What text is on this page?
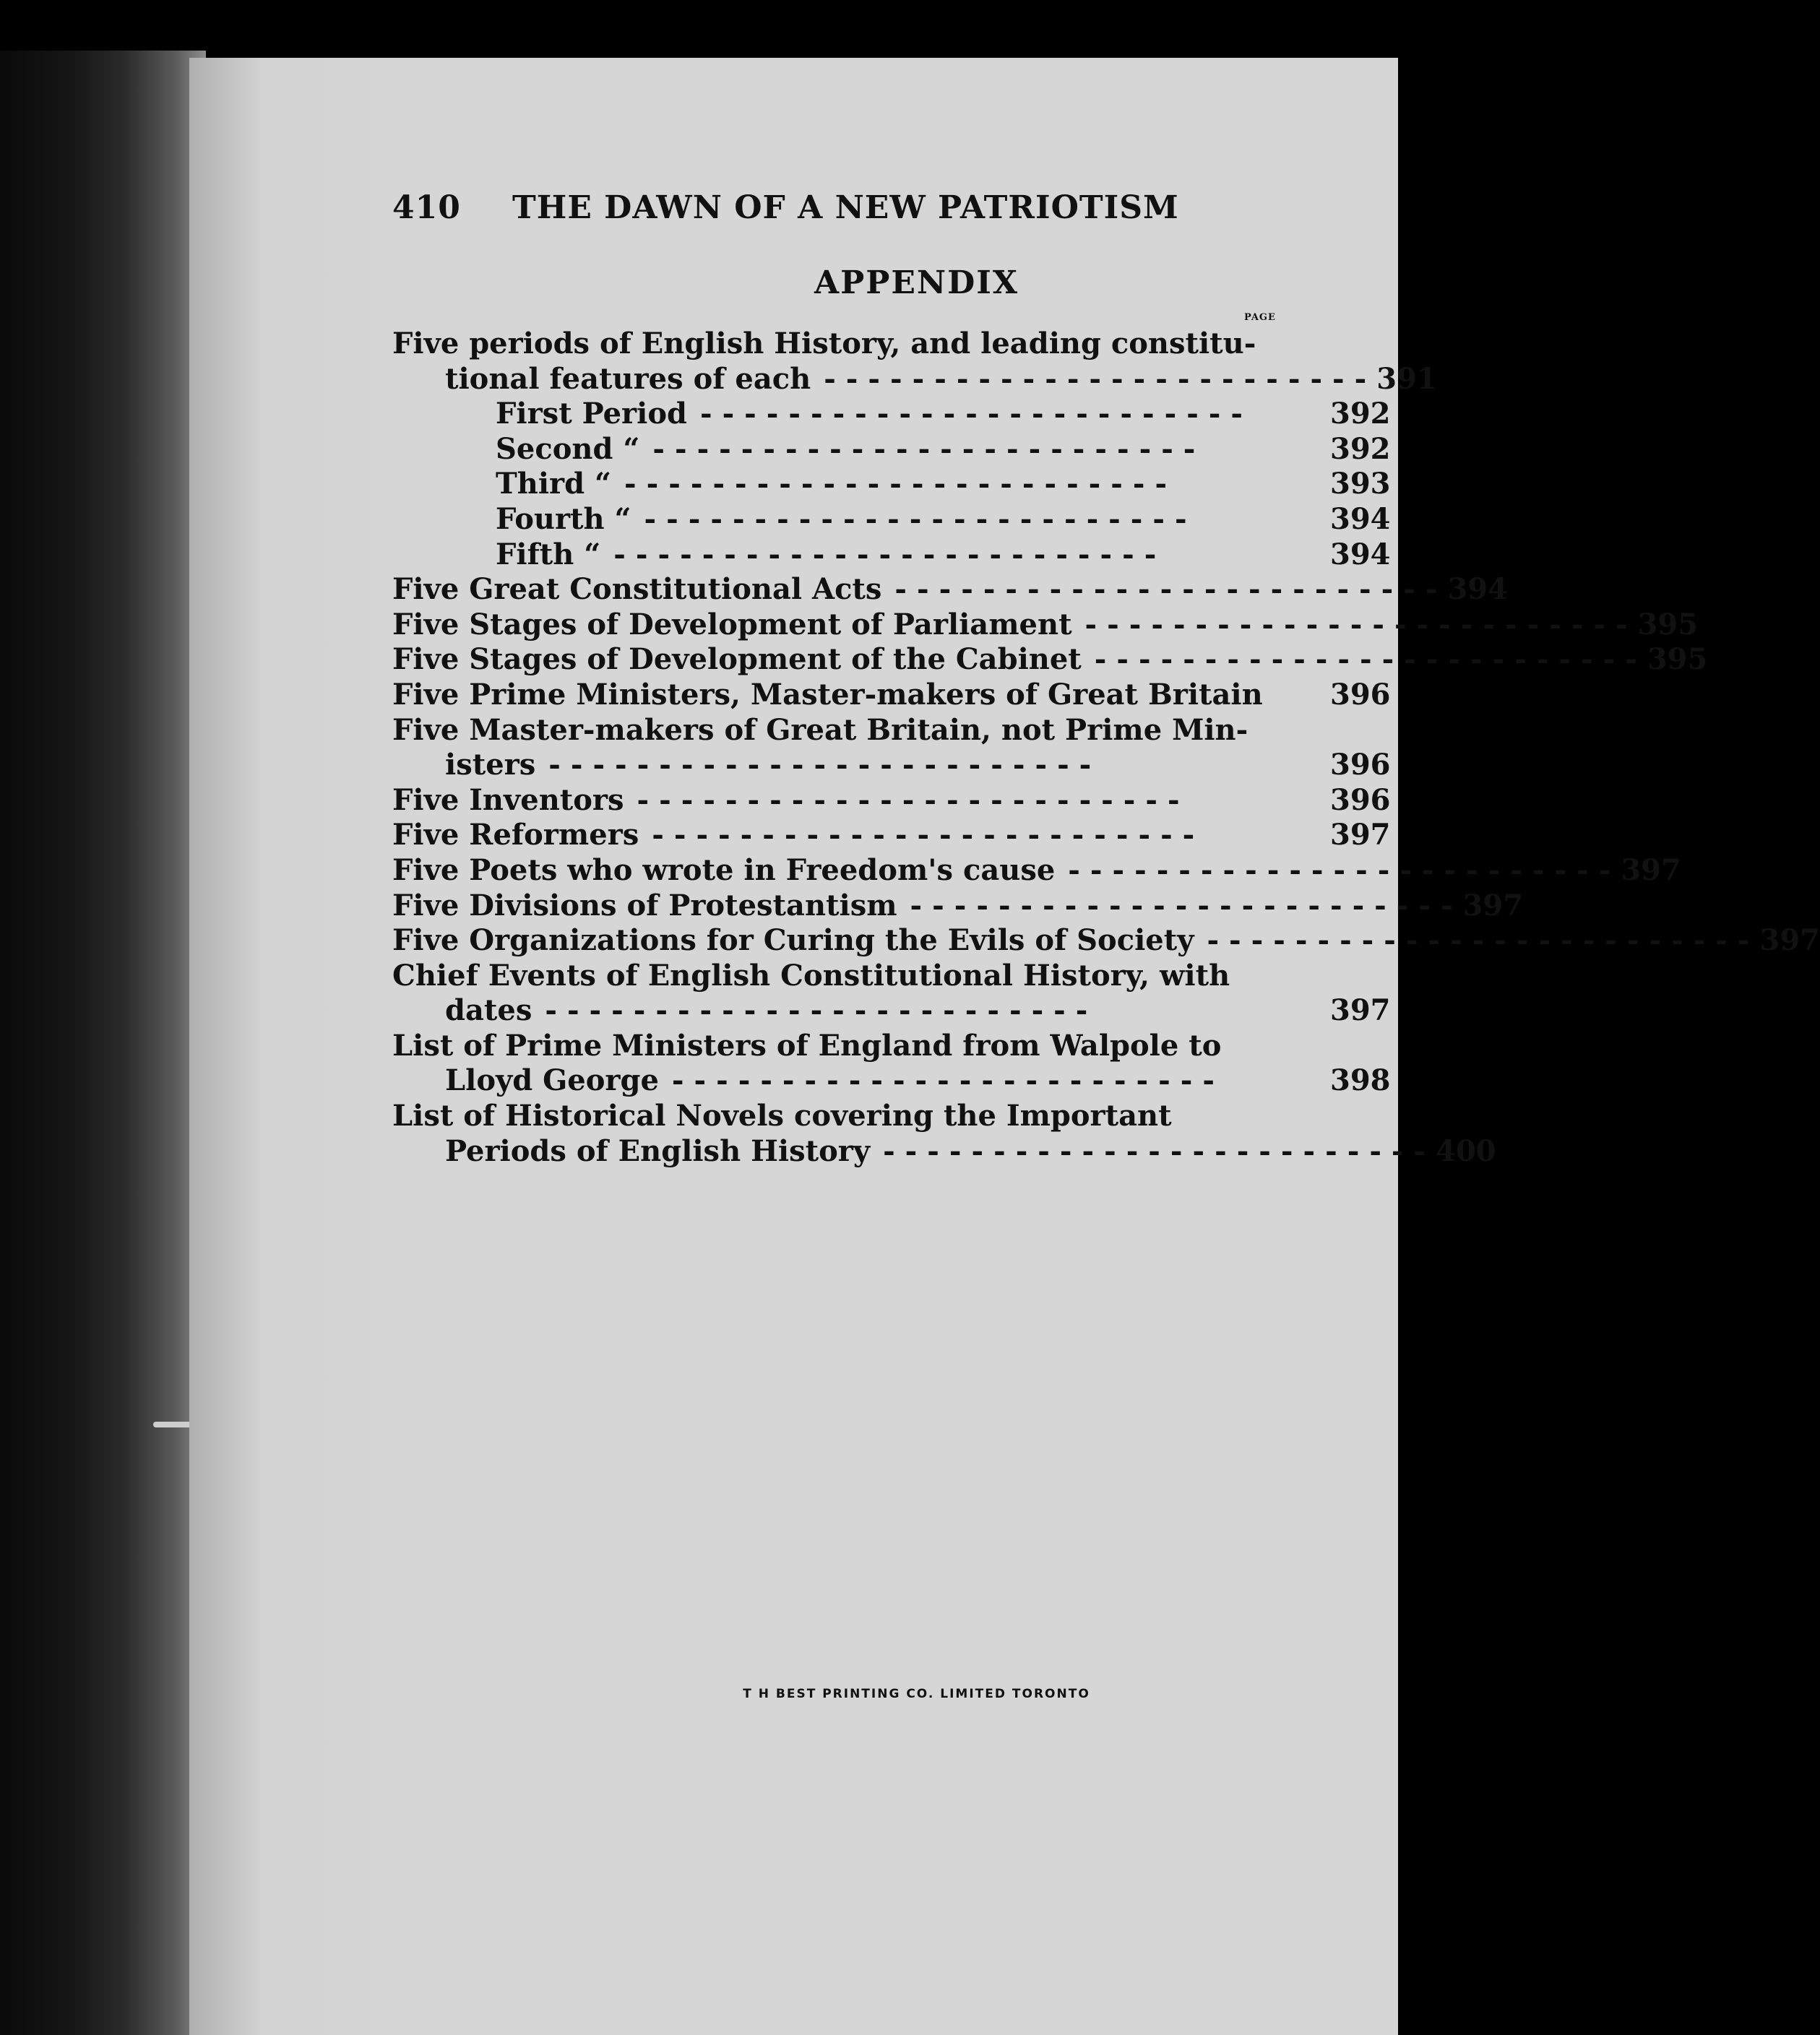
410 THE DAWN OF A NEW PATRIOTISM
APPENDIX
PAGE
Five periods of English History, and leading constitu-
tional features of each ------------------------- 391
First Period -------------------------	392
Second “ -------------------------	392
Third “ -------------------------	393
Fourth “ -------------------------	394
Fifth “ -------------------------	394
Five Great Constitutional Acts ------------------------- 394
Five Stages of Development of Parliament ------------------------- 395
Five Stages of Development of the Cabinet ------------------------- 395
Five Prime Ministers, Master-makers of Great Britain 396
Five Master-makers of Great Britain, not Prime Min-
isters -------------------------	396
Five Inventors -------------------------	396
Five Reformers -------------------------	397
Five Poets who wrote in Freedom's cause ------------------------- 397
Five Divisions of Protestantism ------------------------- 397
Five Organizations for Curing the Evils of Society ------------------------- 397
Chief Events of English Constitutional History, with
dates -------------------------	397
List of Prime Ministers of England from Walpole to
Lloyd George -------------------------	398
List of Historical Novels covering the Important
Periods of English History ------------------------- 400
T H BEST PRINTING CO. LIMITED TORONTO
